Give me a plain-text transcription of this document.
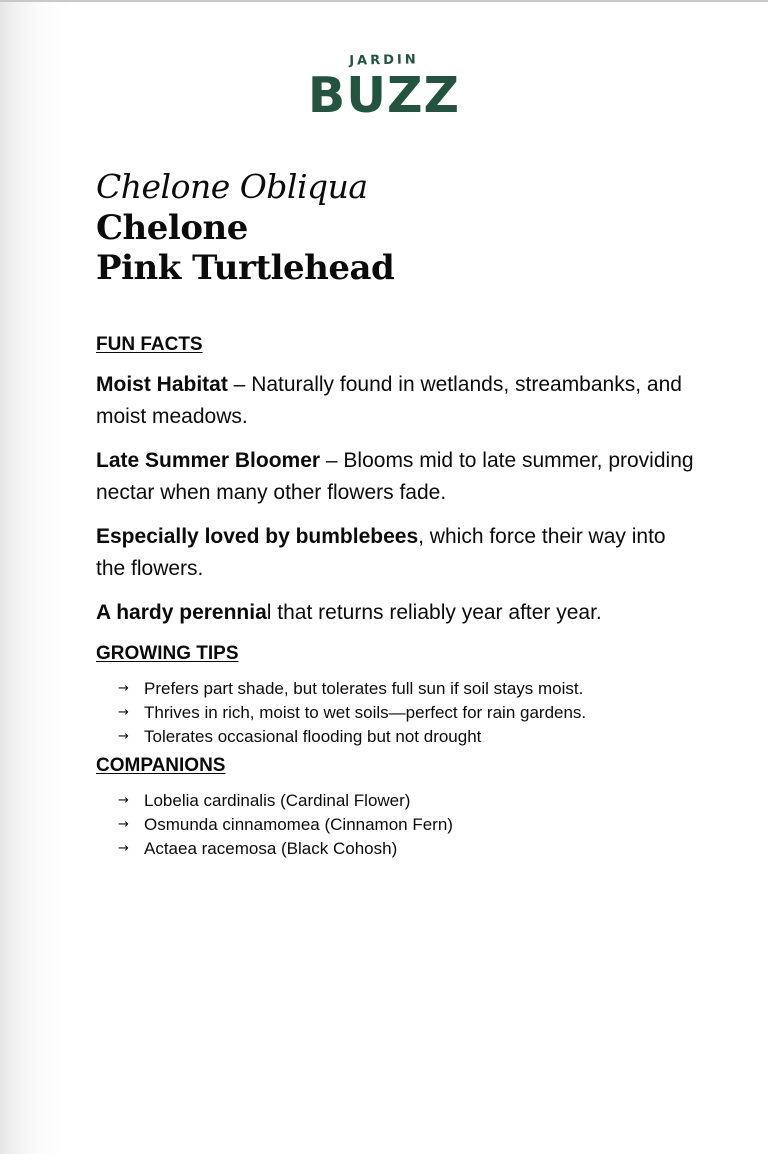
JARDIN
BUZZ
Chelone Obliqua
Chelone
Pink Turtlehead
FUN FACTS

Moist Habitat – Naturally found in wetlands, streambanks, and moist meadows.

Late Summer Bloomer – Blooms mid to late summer, providing nectar when many other flowers fade.

Especially loved by bumblebees, which force their way into the flowers.

A hardy perennial that returns reliably year after year.

GROWING TIPS
→ Prefers part shade, but tolerates full sun if soil stays moist.
→ Thrives in rich, moist to wet soils—perfect for rain gardens.
→ Tolerates occasional flooding but not drought
COMPANIONS
→ Lobelia cardinalis (Cardinal Flower)
→ Osmunda cinnamomea (Cinnamon Fern)
→ Actaea racemosa (Black Cohosh)
